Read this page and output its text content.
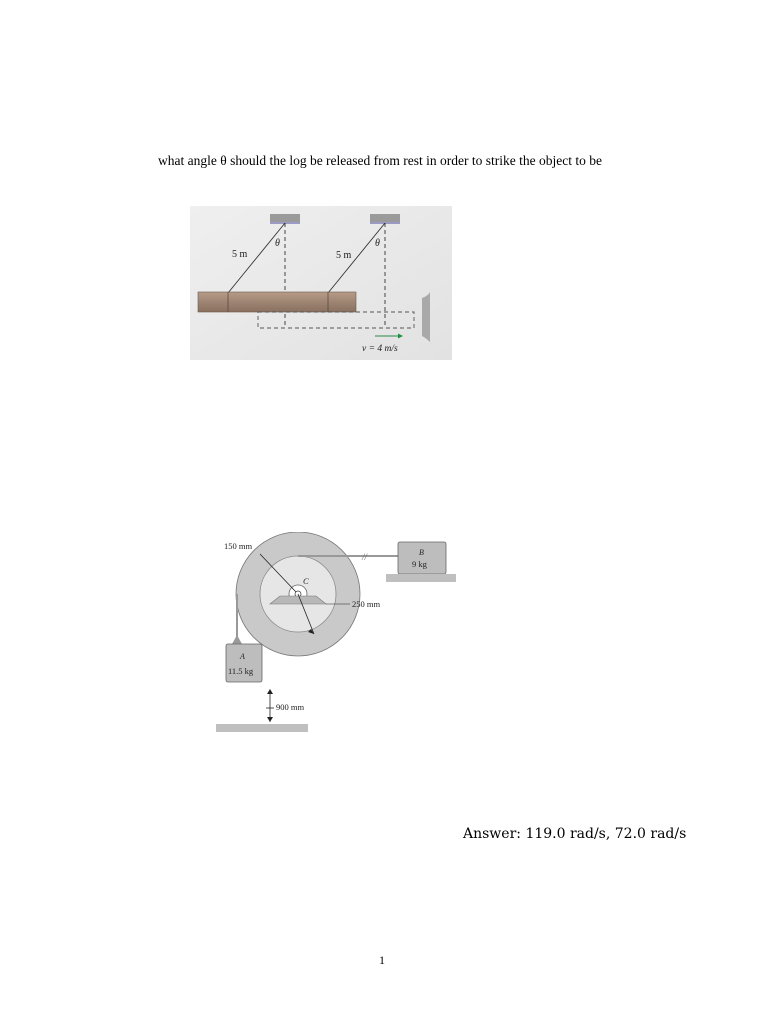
what angle θ should the log be released from rest in order to strike the object to be
5 m	5 m
θ	θ
v = 4 m/s
//	B
9 kg
A
11.5 kg
900 mm
150 mm
250 mm
C
Answer: 119.0 rad/s, 72.0 rad/s
1
